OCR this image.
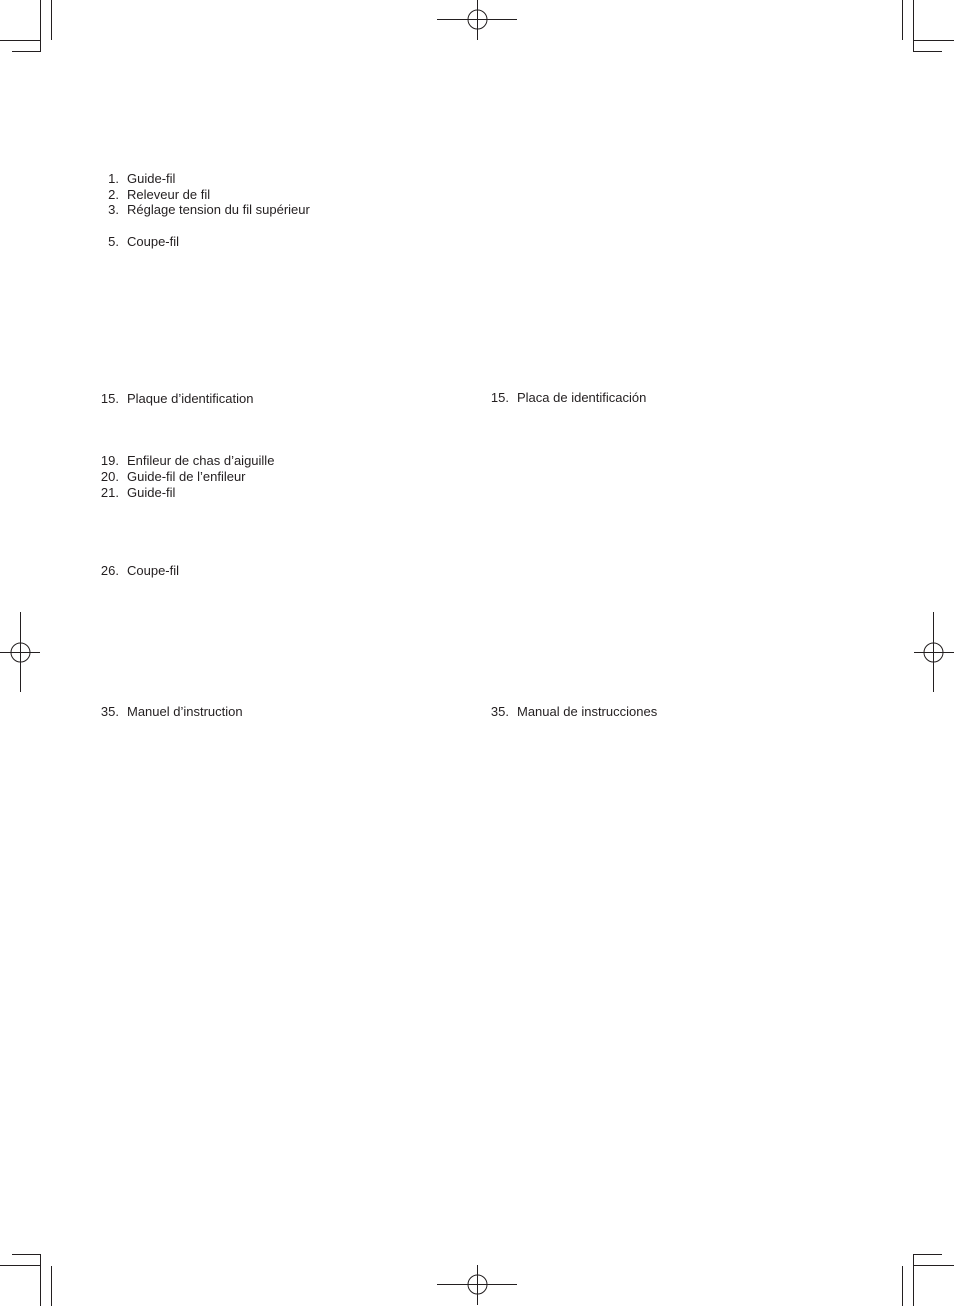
1. Guide-fil
2. Releveur de fil
3. Réglage tension du fil supérieur
5. Coupe-fil
15. Plaque d’identification
19. Enfileur de chas d’aiguille
20. Guide-fil de l’enfileur
21. Guide-fil
26. Coupe-fil
35. Manuel d’instruction
15. Placa de identificación
35. Manual de instrucciones
